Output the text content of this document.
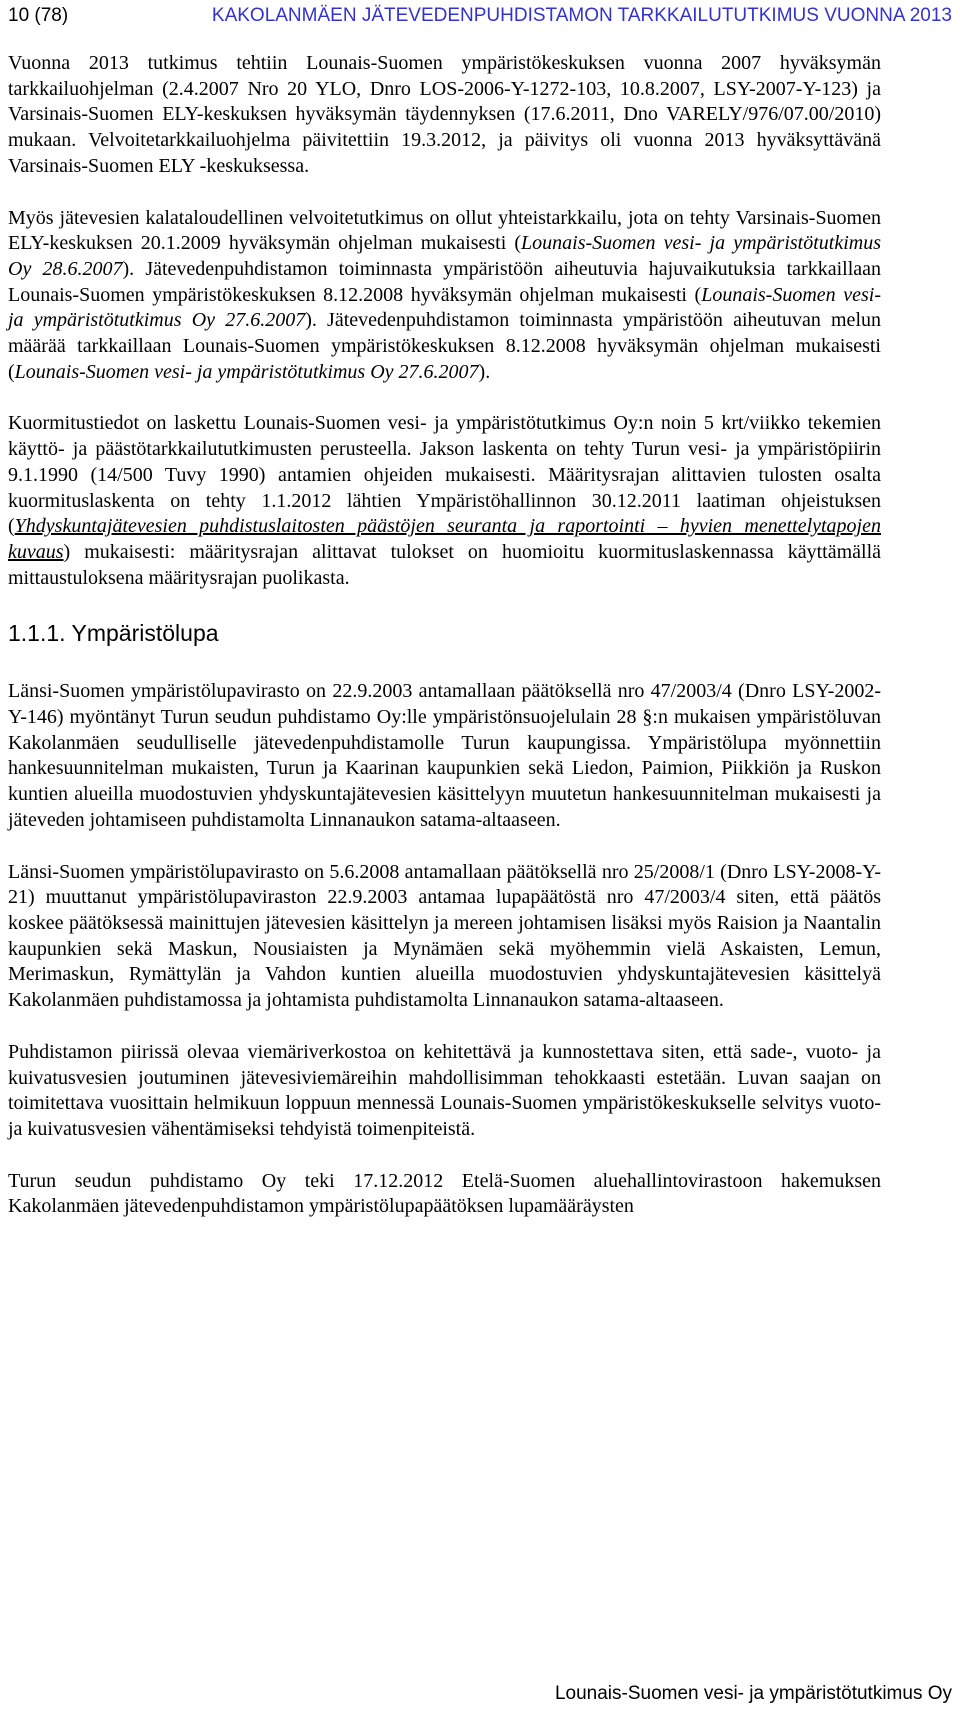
10 (78)	KAKOLANMÄEN JÄTEVEDENPUHDISTAMON TARKKAILUTUTKIMUS VUONNA 2013

Vuonna 2013 tutkimus tehtiin Lounais-Suomen ympäristökeskuksen vuonna 2007 hyväksymän tarkkailuohjelman (2.4.2007 Nro 20 YLO, Dnro LOS-2006-Y-1272-103, 10.8.2007, LSY-2007-Y-123) ja Varsinais-Suomen ELY-keskuksen hyväksymän täydennyksen (17.6.2011, Dno VARELY/976/07.00/2010) mukaan. Velvoitetarkkailuohjelma päivitettiin 19.3.2012, ja päivitys oli vuonna 2013 hyväksyttävänä Varsinais-Suomen ELY -keskuksessa.

Myös jätevesien kalataloudellinen velvoitetutkimus on ollut yhteistarkkailu, jota on tehty Varsinais-Suomen ELY-keskuksen 20.1.2009 hyväksymän ohjelman mukaisesti (Lounais-Suomen vesi- ja ympäristötutkimus Oy 28.6.2007). Jätevedenpuhdistamon toiminnasta ympäristöön aiheutuvia hajuvaikutuksia tarkkaillaan Lounais-Suomen ympäristökeskuksen 8.12.2008 hyväksymän ohjelman mukaisesti (Lounais-Suomen vesi- ja ympäristötutkimus Oy 27.6.2007). Jätevedenpuhdistamon toiminnasta ympäristöön aiheutuvan melun määrää tarkkaillaan Lounais-Suomen ympäristökeskuksen 8.12.2008 hyväksymän ohjelman mukaisesti (Lounais-Suomen vesi- ja ympäristötutkimus Oy 27.6.2007).

Kuormitustiedot on laskettu Lounais-Suomen vesi- ja ympäristötutkimus Oy:n noin 5 krt/viikko tekemien käyttö- ja päästötarkkailututkimusten perusteella. Jakson laskenta on tehty Turun vesi- ja ympäristöpiirin 9.1.1990 (14/500 Tuvy 1990) antamien ohjeiden mukaisesti. Määritysrajan alittavien tulosten osalta kuormituslaskenta on tehty 1.1.2012 lähtien Ympäristöhallinnon 30.12.2011 laatiman ohjeistuksen (Yhdyskuntajätevesien puhdistuslaitosten päästöjen seuranta ja raportointi – hyvien menettelytapojen kuvaus) mukaisesti: määritysrajan alittavat tulokset on huomioitu kuormituslaskennassa käyttämällä mittaustuloksena määritysrajan puolikasta.

1.1.1. Ympäristölupa

Länsi-Suomen ympäristölupavirasto on 22.9.2003 antamallaan päätöksellä nro 47/2003/4 (Dnro LSY-2002-Y-146) myöntänyt Turun seudun puhdistamo Oy:lle ympäristönsuojelulain 28 §:n mukaisen ympäristöluvan Kakolanmäen seudulliselle jätevedenpuhdistamolle Turun kaupungissa. Ympäristölupa myönnettiin hankesuunnitelman mukaisten, Turun ja Kaarinan kaupunkien sekä Liedon, Paimion, Piikkiön ja Ruskon kuntien alueilla muodostuvien yhdyskuntajätevesien käsittelyyn muutetun hankesuunnitelman mukaisesti ja jäteveden johtamiseen puhdistamolta Linnanaukon satama-altaaseen.

Länsi-Suomen ympäristölupavirasto on 5.6.2008 antamallaan päätöksellä nro 25/2008/1 (Dnro LSY-2008-Y-21) muuttanut ympäristölupaviraston 22.9.2003 antamaa lupapäätöstä nro 47/2003/4 siten, että päätös koskee päätöksessä mainittujen jätevesien käsittelyn ja mereen johtamisen lisäksi myös Raision ja Naantalin kaupunkien sekä Maskun, Nousiaisten ja Mynämäen sekä myöhemmin vielä Askaisten, Lemun, Merimaskun, Rymättylän ja Vahdon kuntien alueilla muodostuvien yhdyskuntajätevesien käsittelyä Kakolanmäen puhdistamossa ja johtamista puhdistamolta Linnanaukon satama-altaaseen.

Puhdistamon piirissä olevaa viemäriverkostoa on kehitettävä ja kunnostettava siten, että sade-, vuoto- ja kuivatusvesien joutuminen jätevesiviemäreihin mahdollisimman tehokkaasti estetään. Luvan saajan on toimitettava vuosittain helmikuun loppuun mennessä Lounais-Suomen ympäristökeskukselle selvitys vuoto- ja kuivatusvesien vähentämiseksi tehdyistä toimenpiteistä.

Turun seudun puhdistamo Oy teki 17.12.2012 Etelä-Suomen aluehallintovirastoon hakemuksen Kakolanmäen jätevedenpuhdistamon ympäristölupapäätöksen lupamääräysten

Lounais-Suomen vesi- ja ympäristötutkimus Oy
